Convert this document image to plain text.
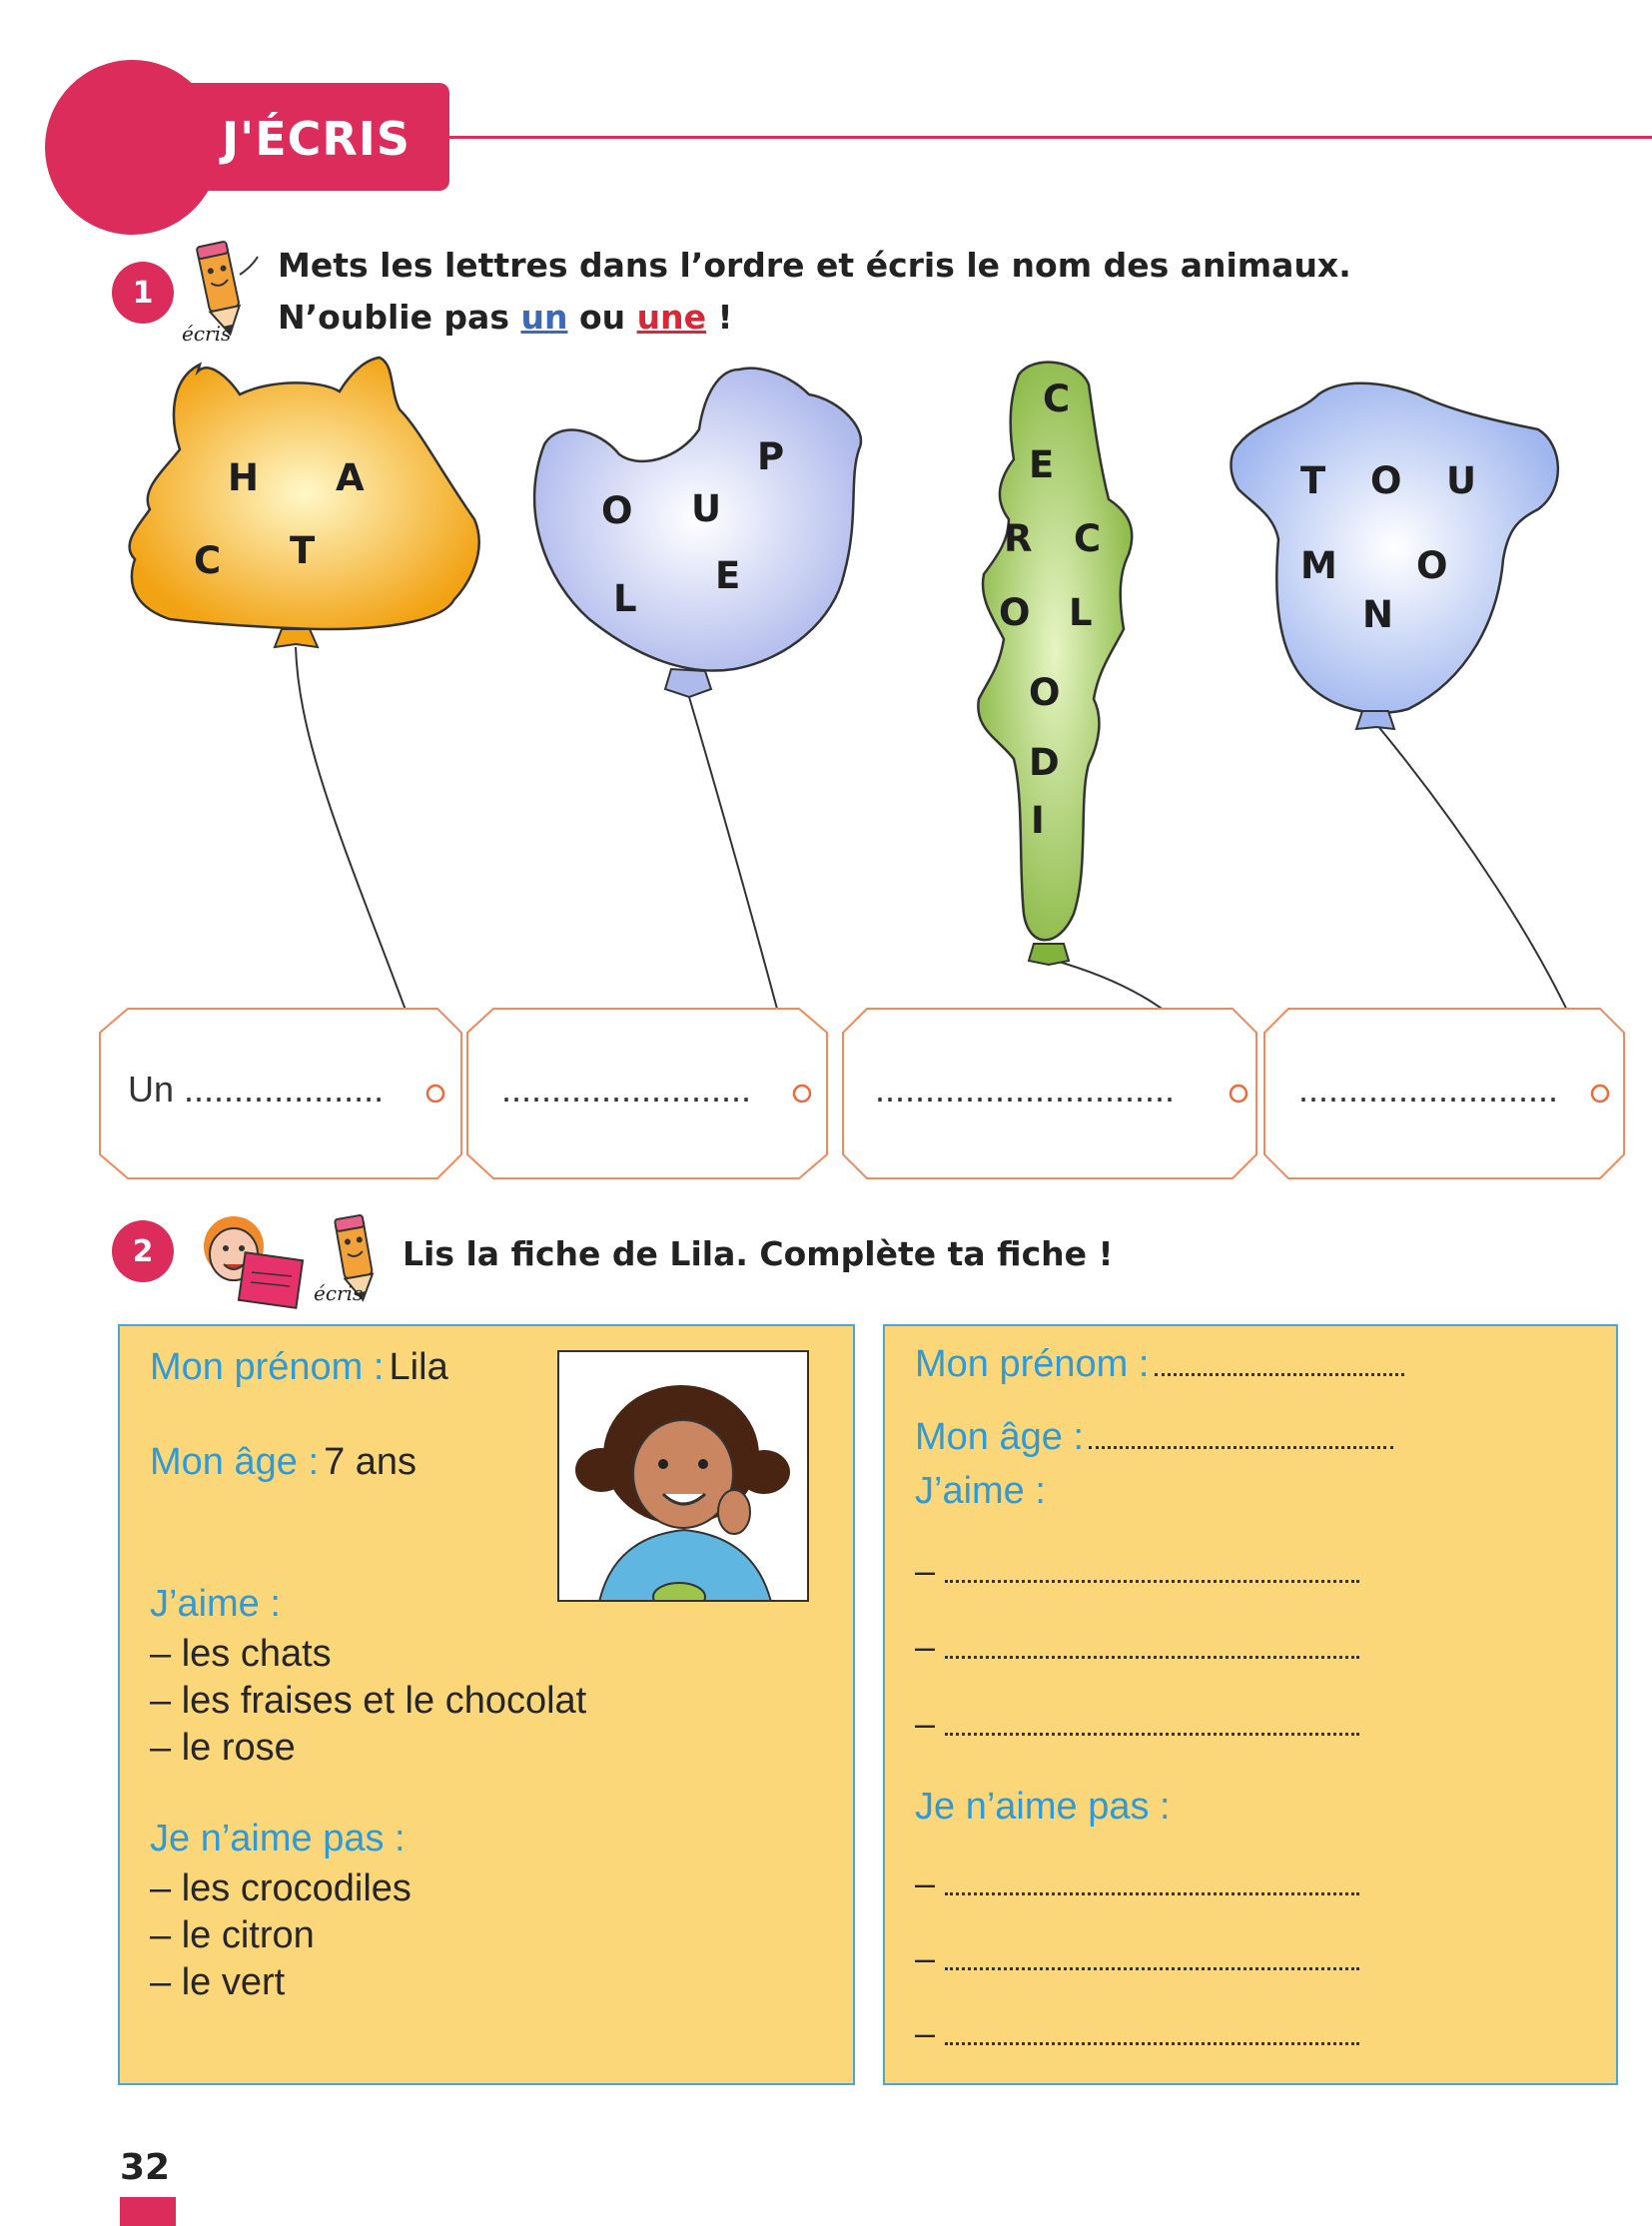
J'ÉCRIS
1
écris
Mets les lettres dans l’ordre et écris le nom des animaux.
N’oublie pas un ou une !
H A
C T
P
O U
L
E
C
E
R C
O L
O
D
I
T O U
M O
N
Un ....................	.........................	..............................	..........................
2
écris
Lis la fiche de Lila. Complète ta fiche !
Mon prénom : Lila
Mon âge : 7 ans
J’aime :
– les chats
– les fraises et le chocolat
– le rose
Je n’aime pas :
– les crocodiles
– le citron
– le vert
Mon prénom :
Mon âge :
J’aime :
–
–
–
Je n’aime pas :
–
–
–
32
